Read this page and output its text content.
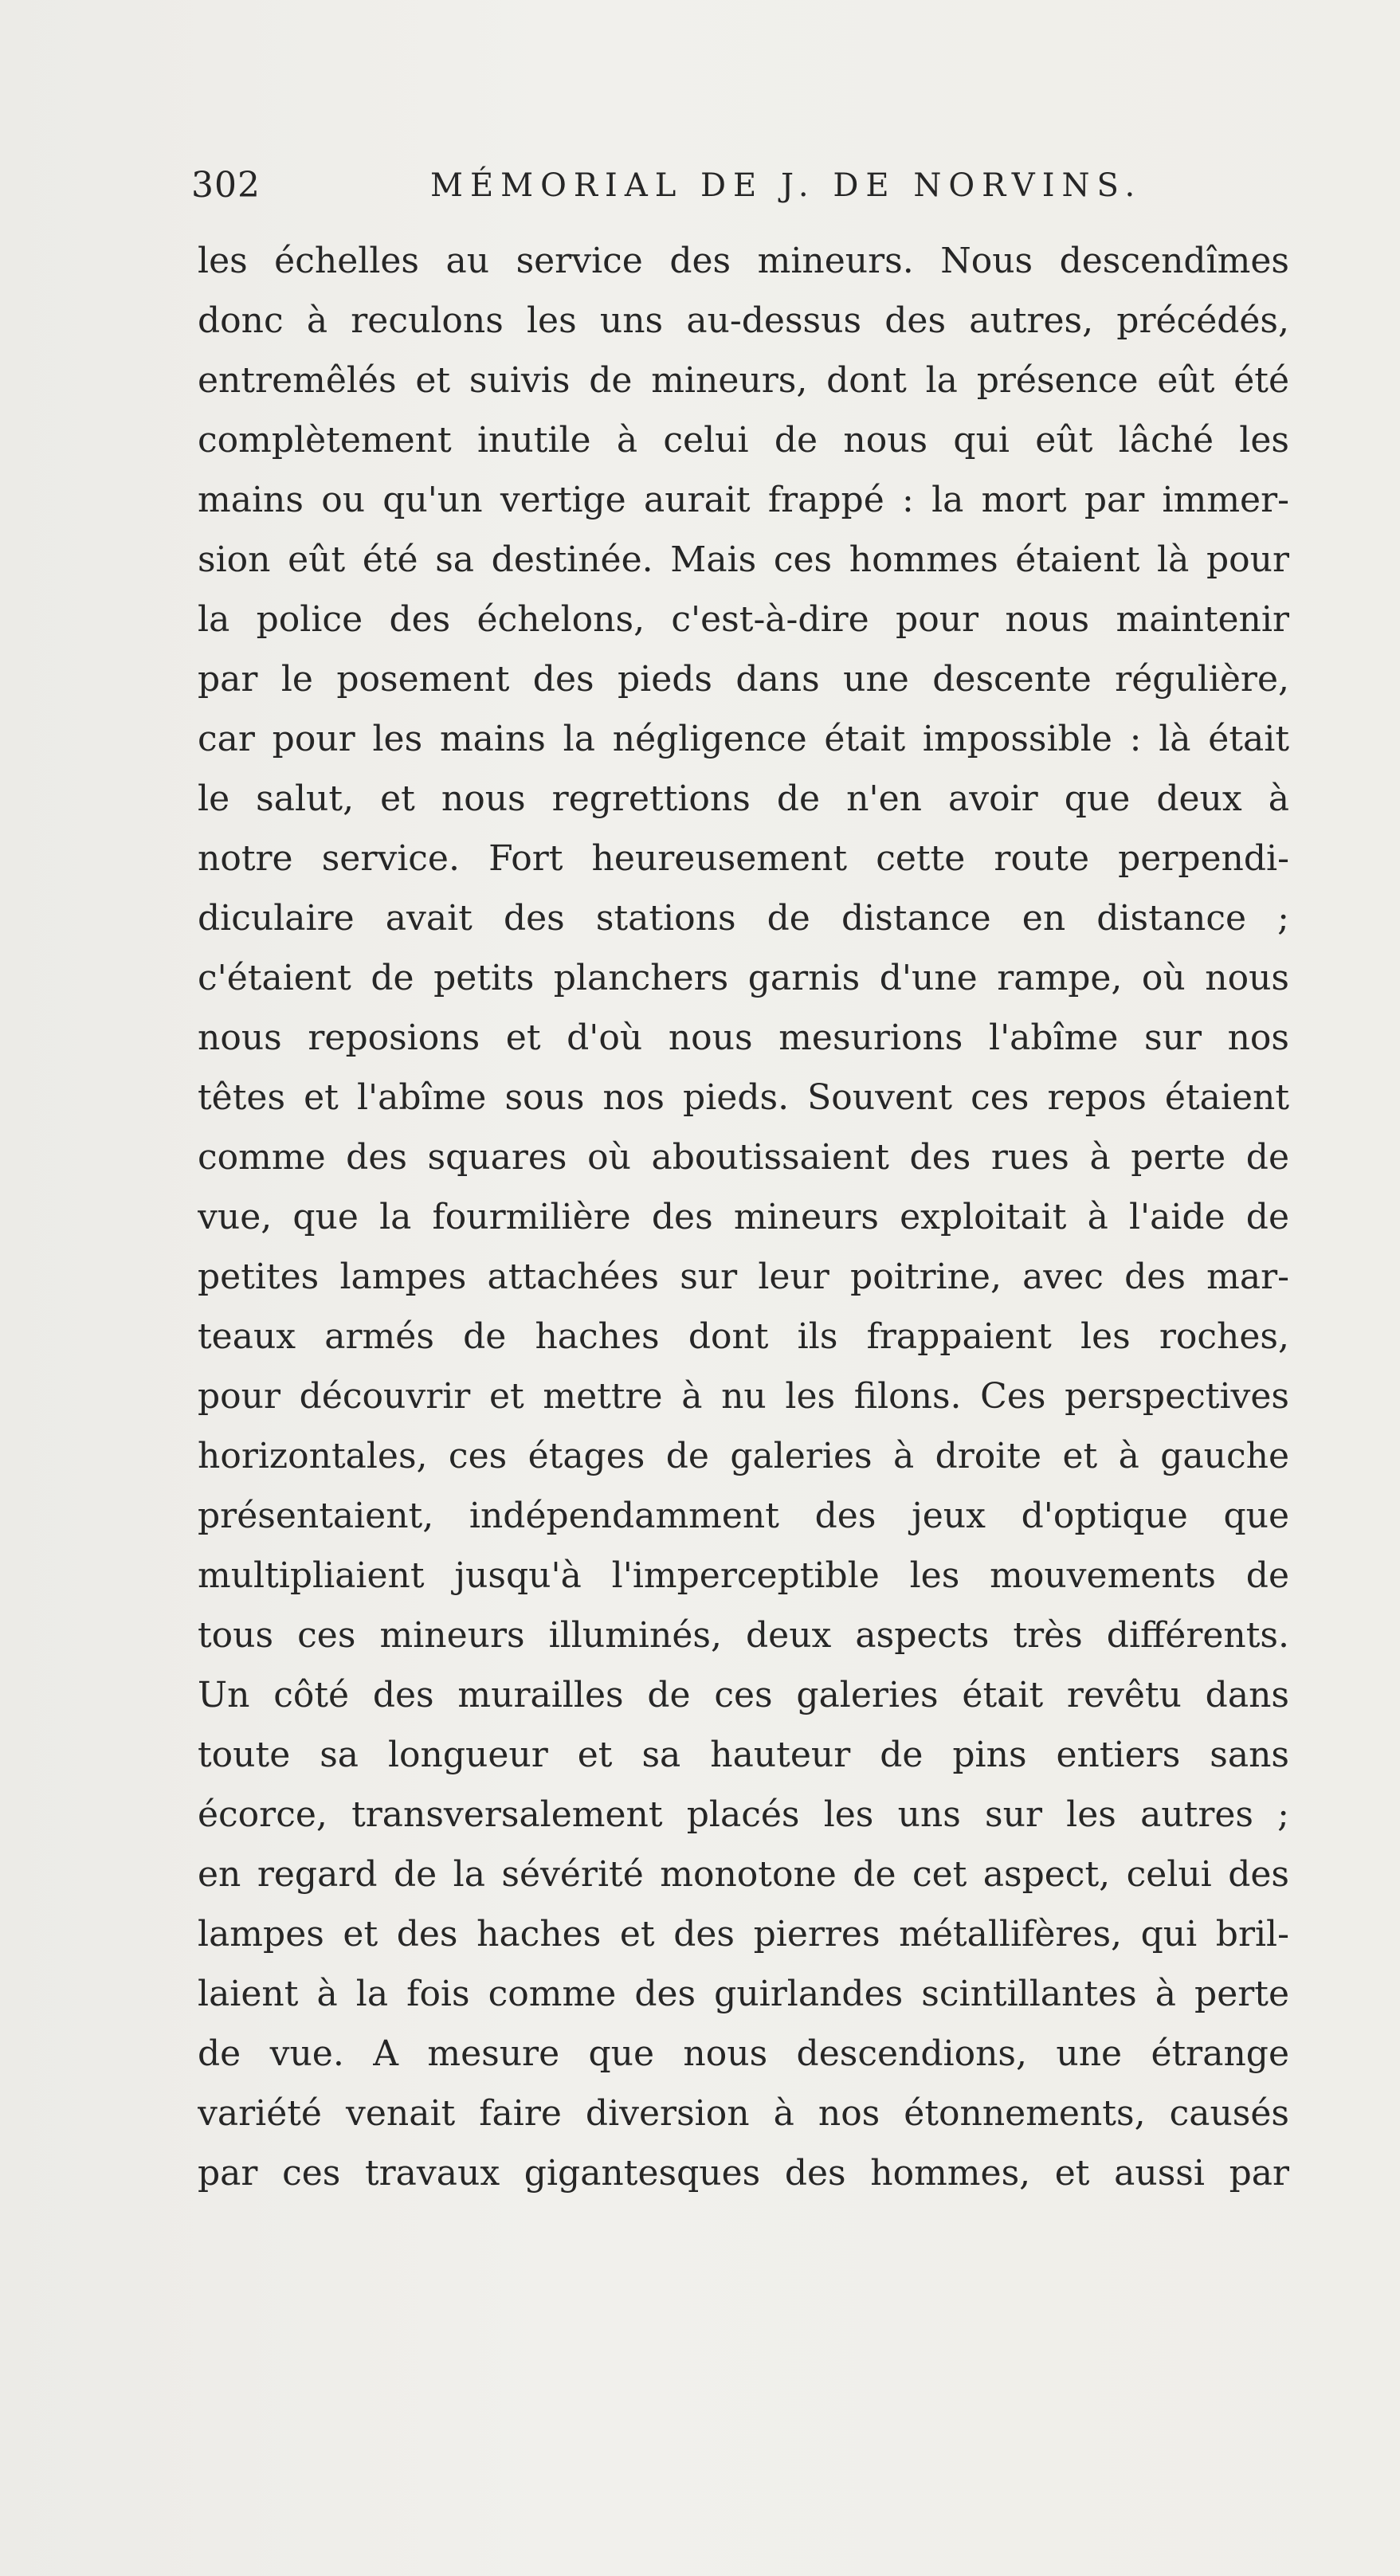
302	MÉMORIAL DE J. DE NORVINS.
les échelles au service des mineurs. Nous descendîmes
donc à reculons les uns au-dessus des autres, précédés,
entremêlés et suivis de mineurs, dont la présence eût été
complètement inutile à celui de nous qui eût lâché les
mains ou qu'un vertige aurait frappé : la mort par immer-
sion eût été sa destinée. Mais ces hommes étaient là pour
la police des échelons, c'est-à-dire pour nous maintenir
par le posement des pieds dans une descente régulière,
car pour les mains la négligence était impossible : là était
le salut, et nous regrettions de n'en avoir que deux à
notre service. Fort heureusement cette route perpendi-
diculaire avait des stations de distance en distance ;
c'étaient de petits planchers garnis d'une rampe, où nous
nous reposions et d'où nous mesurions l'abîme sur nos
têtes et l'abîme sous nos pieds. Souvent ces repos étaient
comme des squares où aboutissaient des rues à perte de
vue, que la fourmilière des mineurs exploitait à l'aide de
petites lampes attachées sur leur poitrine, avec des mar-
teaux armés de haches dont ils frappaient les roches,
pour découvrir et mettre à nu les filons. Ces perspectives
horizontales, ces étages de galeries à droite et à gauche
présentaient, indépendamment des jeux d'optique que
multipliaient jusqu'à l'imperceptible les mouvements de
tous ces mineurs illuminés, deux aspects très différents.
Un côté des murailles de ces galeries était revêtu dans
toute sa longueur et sa hauteur de pins entiers sans
écorce, transversalement placés les uns sur les autres ;
en regard de la sévérité monotone de cet aspect, celui des
lampes et des haches et des pierres métallifères, qui bril-
laient à la fois comme des guirlandes scintillantes à perte
de vue. A mesure que nous descendions, une étrange
variété venait faire diversion à nos étonnements, causés
par ces travaux gigantesques des hommes, et aussi par
